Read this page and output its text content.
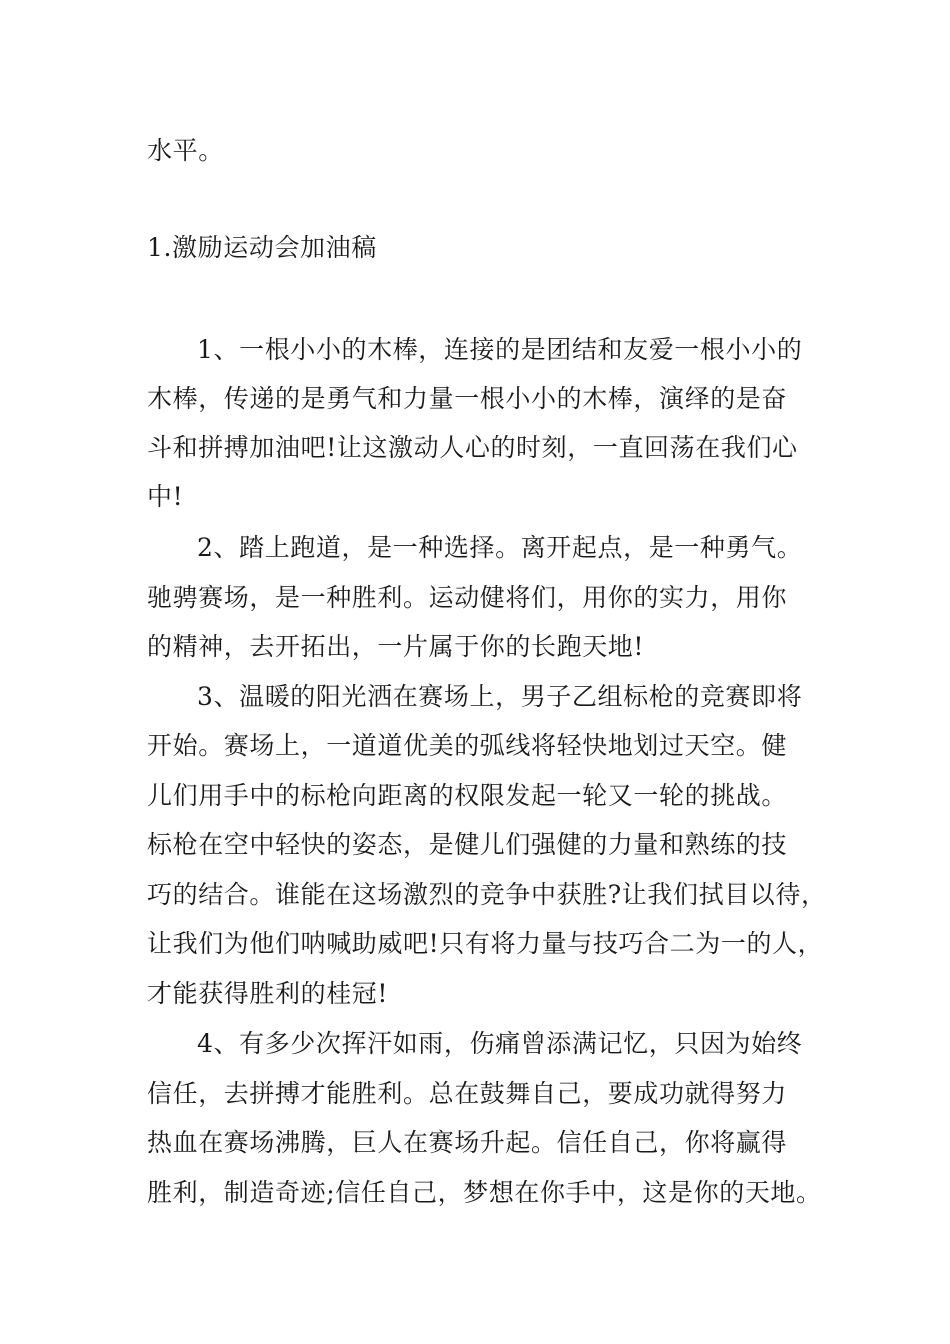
水平。
1.激励运动会加油稿
1、一根小小的木棒，连接的是团结和友爱一根小小的
木棒，传递的是勇气和力量一根小小的木棒，演绎的是奋
斗和拼搏加油吧!让这激动人心的时刻，一直回荡在我们心
中!
2、踏上跑道，是一种选择。离开起点，是一种勇气。
驰骋赛场，是一种胜利。运动健将们，用你的实力，用你
的精神，去开拓出，一片属于你的长跑天地!
3、温暖的阳光洒在赛场上，男子乙组标枪的竞赛即将
开始。赛场上，一道道优美的弧线将轻快地划过天空。健
儿们用手中的标枪向距离的权限发起一轮又一轮的挑战。
标枪在空中轻快的姿态，是健儿们强健的力量和熟练的技
巧的结合。谁能在这场激烈的竞争中获胜?让我们拭目以待，
让我们为他们呐喊助威吧!只有将力量与技巧合二为一的人，
才能获得胜利的桂冠!
4、有多少次挥汗如雨，伤痛曾添满记忆，只因为始终
信任，去拼搏才能胜利。总在鼓舞自己，要成功就得努力
热血在赛场沸腾，巨人在赛场升起。信任自己，你将赢得
胜利，制造奇迹;信任自己，梦想在你手中，这是你的天地。
